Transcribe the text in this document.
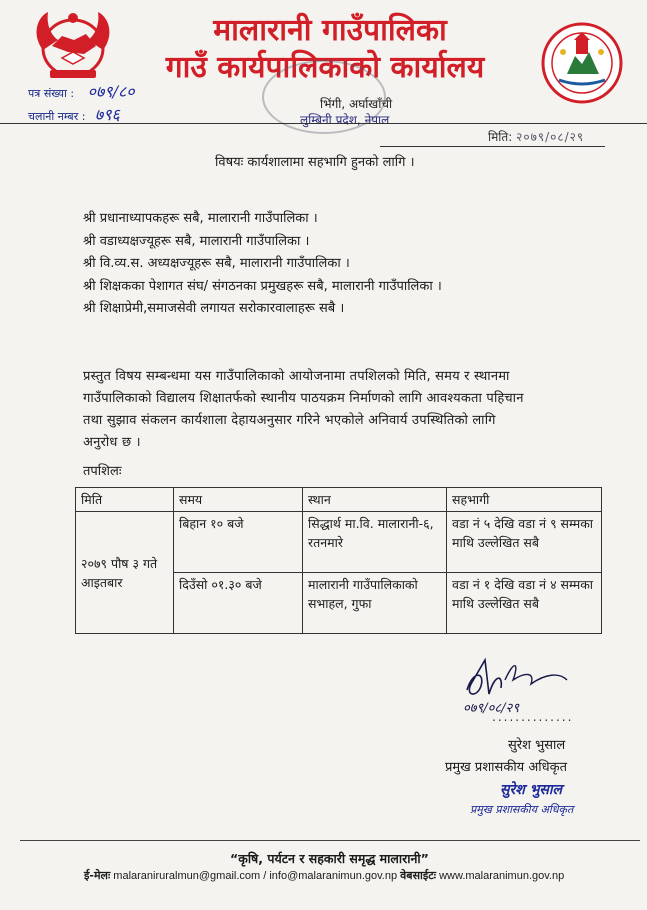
मालारानी गाउँपालिका
गाउँ कार्यपालिकाको कार्यालय
भिंगी, अर्घाखाँची
लुम्बिनी प्रदेश, नेपाल
पत्र संख्या : ०७९/८०
चलानी नम्बर : ७९६
मिति: २०७९/०८/२९
विषयः कार्यशालामा सहभागि हुनको लागि ।
श्री प्रधानाध्यापकहरू सबै, मालारानी गाउँपालिका ।
श्री वडाध्यक्षज्यूहरू सबै, मालारानी गाउँपालिका ।
श्री वि.व्य.स. अध्यक्षज्यूहरू सबै, मालारानी गाउँपालिका ।
श्री शिक्षकका पेशागत संघ/ संगठनका प्रमुखहरू सबै, मालारानी गाउँपालिका ।
श्री शिक्षाप्रेमी,समाजसेवी लगायत सरोकारवालाहरू सबै ।
प्रस्तुत विषय सम्बन्धमा यस गाउँपालिकाको आयोजनामा तपशिलको मिति, समय र स्थानमा
गाउँपालिकाको विद्यालय शिक्षातर्फको स्थानीय पाठयक्रम निर्माणको लागि आवश्यकता पहिचान
तथा सुझाव संकलन कार्यशाला देहायअनुसार गरिने भएकोले अनिवार्य उपस्थितिको लागि
अनुरोध छ ।
तपशिलः
मिति	समय	स्थान	सहभागी
२०७९ पौष ३ गते आइतबार	बिहान १० बजे	सिद्धार्थ मा.वि. मालारानी-६, रतनमारे	वडा नं ५ देखि वडा नं ९ सम्मका माथि उल्लेखित सबै
	दिउँसो ०१.३० बजे	मालारानी गाउँपालिकाको सभाहल, गुफा	वडा नं १ देखि वडा नं ४ सम्मका माथि उल्लेखित सबै
०७९/०८/२९
..............
सुरेश भुसाल
प्रमुख प्रशासकीय अधिकृत
सुरेश भुसाल
प्रमुख प्रशासकीय अधिकृत
“कृषि, पर्यटन र सहकारी समृद्ध मालारानी”
ई-मेलः malaraniruralmun@gmail.com / info@malaranimun.gov.np वेबसाईटः www.malaranimun.gov.np
